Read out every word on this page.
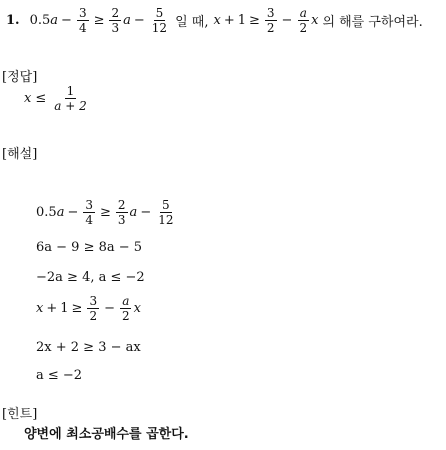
1. 0.5 $a - \frac{3}{4} \ge \frac{2}{3}$ $a - \frac{5}{12}$ 일 때, $x + 1 \ge \frac{3}{2} - \frac{a}{2}$ x 의 해를 구하여라.
[정답]
$x \le \frac{1}{a + 2}$
[해설]
0.5 $a - \frac{3}{4} \ge \frac{2}{3}$ $a - \frac{5}{12}$
6a − 9 ≥ 8a − 5
−2a ≥ 4, a ≤ −2
$x + 1 \ge \frac{3}{2} - \frac{a}{2}$ x
2x + 2 ≥ 3 − ax
a ≤ −2
[힌트]
양변에 최소공배수를 곱한다.
